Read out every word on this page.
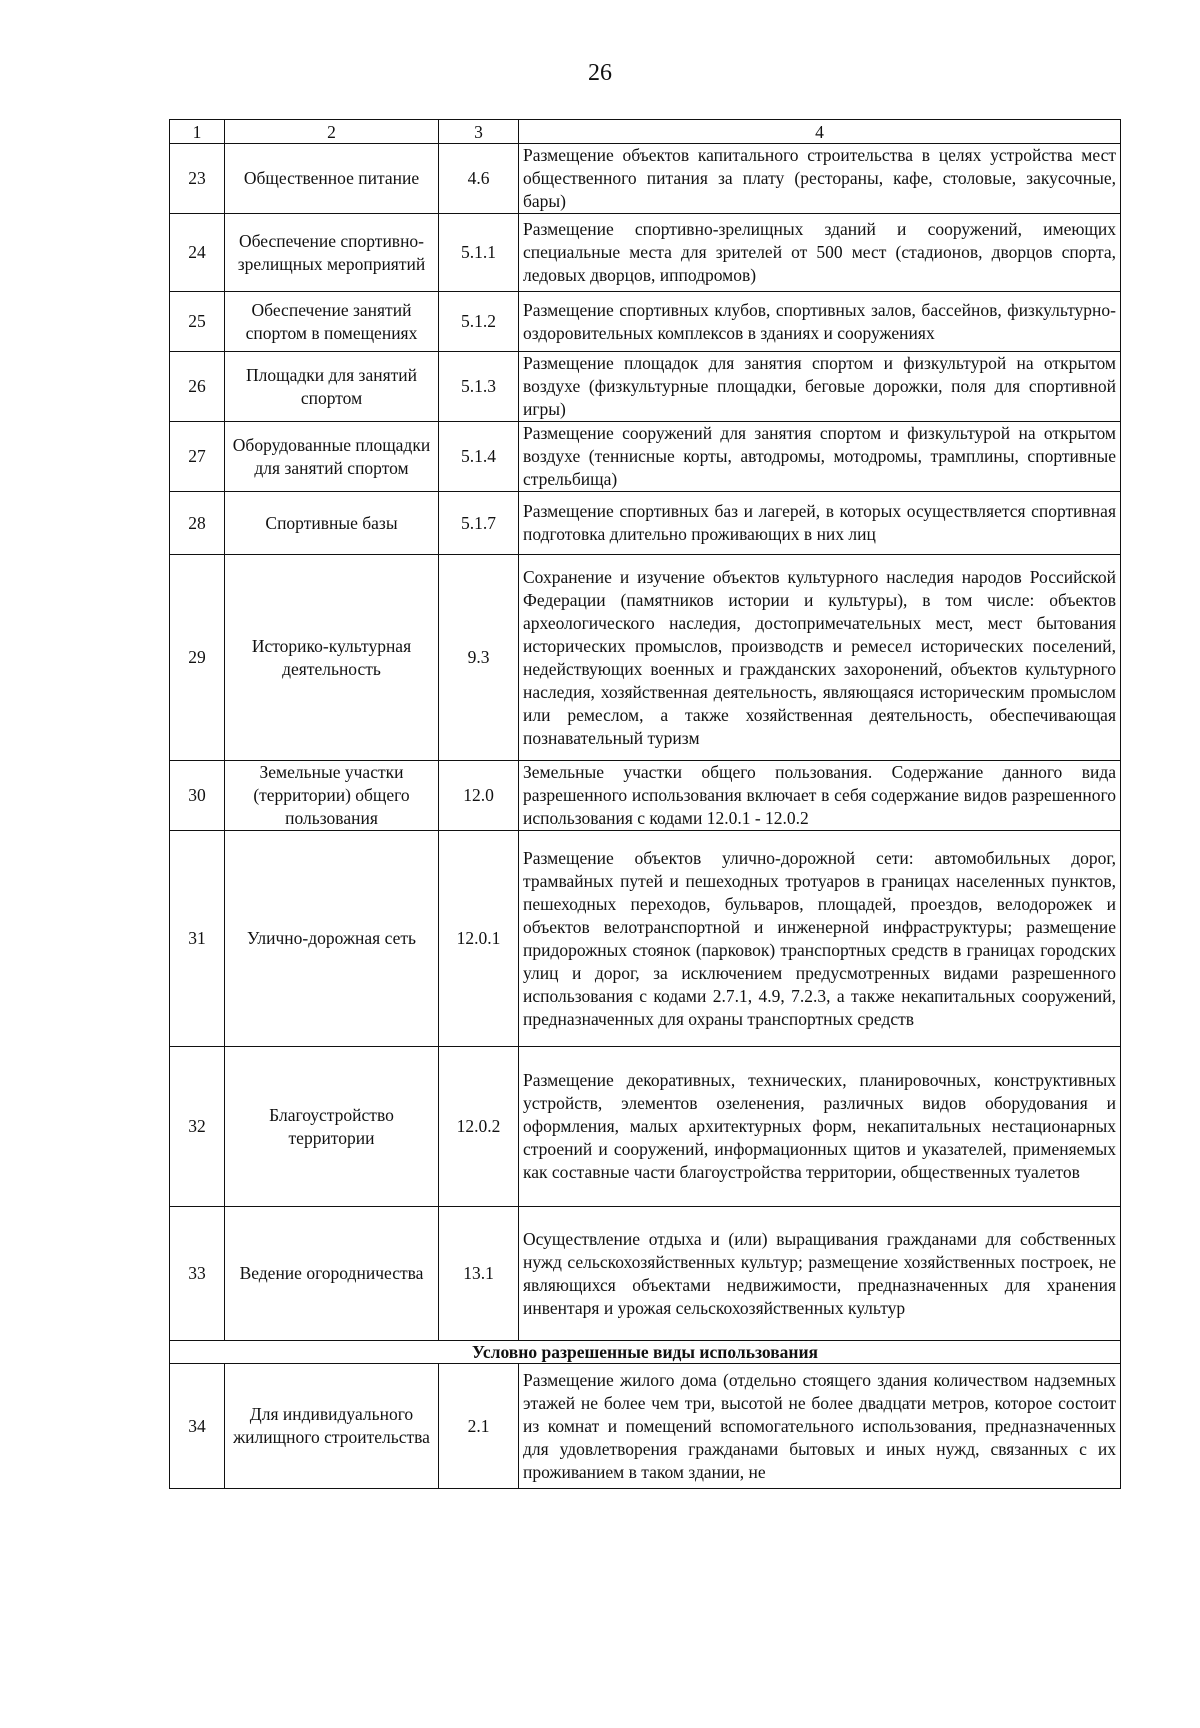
26
1	2	3	4
23	Общественное питание	4.6	Размещение объектов капитального строительства в целях устройства мест общественного питания за плату (рестораны, кафе, столовые, закусочные, бары)
24	Обеспечение спортивно-зрелищных мероприятий	5.1.1	Размещение спортивно-зрелищных зданий и сооружений, имеющих специальные места для зрителей от 500 мест (стадионов, дворцов спорта, ледовых дворцов, ипподромов)
25	Обеспечение занятий спортом в помещениях	5.1.2	Размещение спортивных клубов, спортивных залов, бассейнов, физкультурно-оздоровительных комплексов в зданиях и сооружениях
26	Площадки для занятий спортом	5.1.3	Размещение площадок для занятия спортом и физкультурой на открытом воздухе (физкультурные площадки, беговые дорожки, поля для спортивной игры)
27	Оборудованные площадки для занятий спортом	5.1.4	Размещение сооружений для занятия спортом и физкультурой на открытом воздухе (теннисные корты, автодромы, мотодромы, трамплины, спортивные стрельбища)
28	Спортивные базы	5.1.7	Размещение спортивных баз и лагерей, в которых осуществляется спортивная подготовка длительно проживающих в них лиц
29	Историко-культурная деятельность	9.3	Сохранение и изучение объектов культурного наследия народов Российской Федерации (памятников истории и культуры), в том числе: объектов археологического наследия, достопримечательных мест, мест бытования исторических промыслов, производств и ремесел исторических поселений, недействующих военных и гражданских захоронений, объектов культурного наследия, хозяйственная деятельность, являющаяся историческим промыслом или ремеслом, а также хозяйственная деятельность, обеспечивающая познавательный туризм
30	Земельные участки (территории) общего пользования	12.0	Земельные участки общего пользования. Содержание данного вида разрешенного использования включает в себя содержание видов разрешенного использования с кодами 12.0.1 - 12.0.2
31	Улично-дорожная сеть	12.0.1	Размещение объектов улично-дорожной сети: автомобильных дорог, трамвайных путей и пешеходных тротуаров в границах населенных пунктов, пешеходных переходов, бульваров, площадей, проездов, велодорожек и объектов велотранспортной и инженерной инфраструктуры; размещение придорожных стоянок (парковок) транспортных средств в границах городских улиц и дорог, за исключением предусмотренных видами разрешенного использования с кодами 2.7.1, 4.9, 7.2.3, а также некапитальных сооружений, предназначенных для охраны транспортных средств
32	Благоустройство территории	12.0.2	Размещение декоративных, технических, планировочных, конструктивных устройств, элементов озеленения, различных видов оборудования и оформления, малых архитектурных форм, некапитальных нестационарных строений и сооружений, информационных щитов и указателей, применяемых как составные части благоустройства территории, общественных туалетов
33	Ведение огородничества	13.1	Осуществление отдыха и (или) выращивания гражданами для собственных нужд сельскохозяйственных культур; размещение хозяйственных построек, не являющихся объектами недвижимости, предназначенных для хранения инвентаря и урожая сельскохозяйственных культур
Условно разрешенные виды использования			
34	Для индивидуального жилищного строительства	2.1	Размещение жилого дома (отдельно стоящего здания количеством надземных этажей не более чем три, высотой не более двадцати метров, которое состоит из комнат и помещений вспомогательного использования, предназначенных для удовлетворения гражданами бытовых и иных нужд, связанных с их проживанием в таком здании, не
